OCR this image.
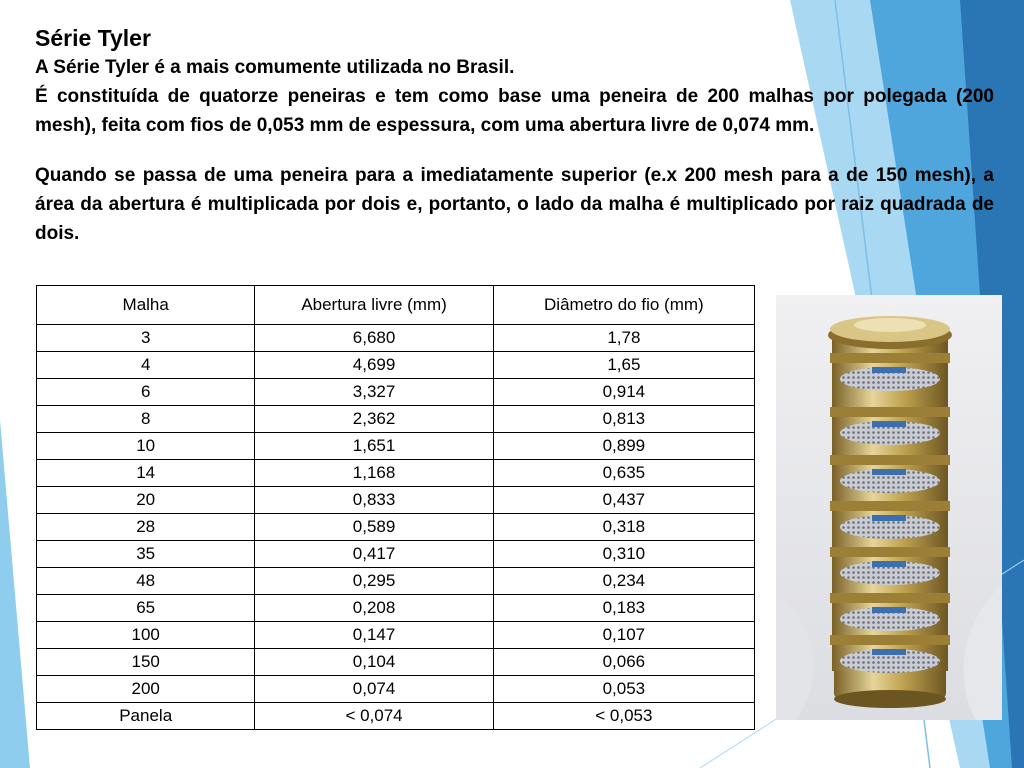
Série Tyler
A Série Tyler é a mais comumente utilizada no Brasil.
É constituída de quatorze peneiras e tem como base uma peneira de 200 malhas por polegada (200 mesh), feita com fios de 0,053 mm de espessura, com uma abertura livre de 0,074 mm.
Quando se passa de uma peneira para a imediatamente superior (e.x 200 mesh para a de 150 mesh), a área da abertura é multiplicada por dois e, portanto, o lado da malha é multiplicado por raiz quadrada de dois.
Malha	Abertura livre (mm)	Diâmetro do fio (mm)
3	6,680	1,78
4	4,699	1,65
6	3,327	0,914
8	2,362	0,813
10	1,651	0,899
14	1,168	0,635
20	0,833	0,437
28	0,589	0,318
35	0,417	0,310
48	0,295	0,234
65	0,208	0,183
100	0,147	0,107
150	0,104	0,066
200	0,074	0,053
Panela	< 0,074	< 0,053
